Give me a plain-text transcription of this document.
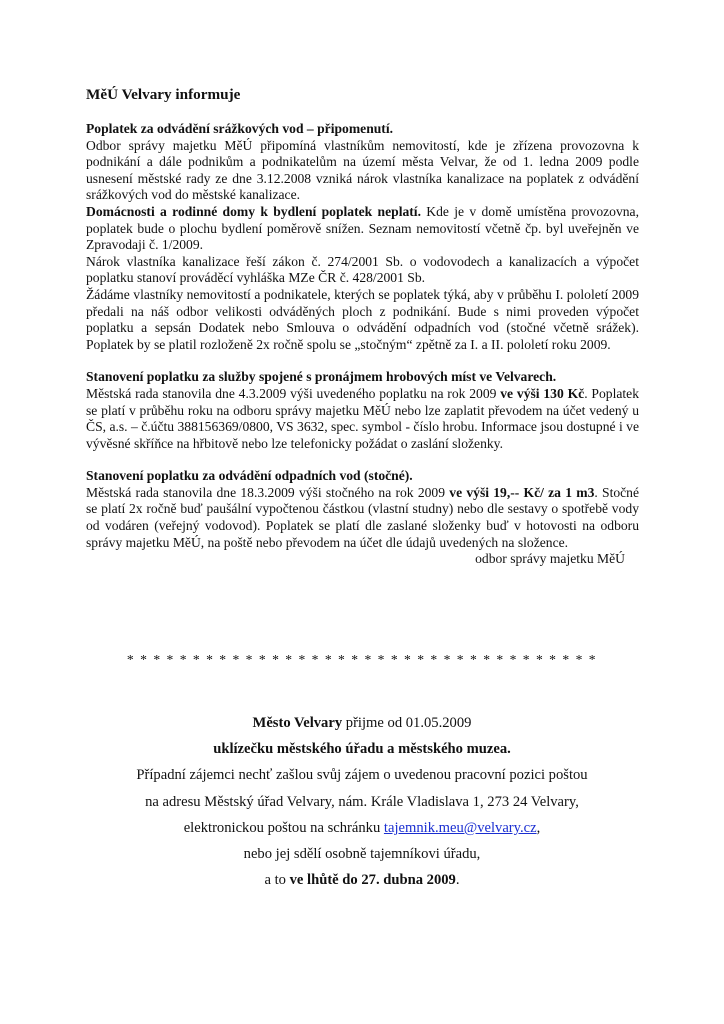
MěÚ Velvary informuje
Poplatek za odvádění srážkových vod – připomenutí.

Odbor správy majetku MěÚ připomíná vlastníkům nemovitostí, kde je zřízena provozovna k podnikání a dále podnikům a podnikatelům na území města Velvar, že od 1. ledna 2009 podle usnesení městské rady ze dne 3.12.2008 vzniká nárok vlastníka kanalizace na poplatek z odvádění srážkových vod do městské kanalizace.

Domácnosti a rodinné domy k bydlení poplatek neplatí. Kde je v domě umístěna provozovna, poplatek bude o plochu bydlení poměrově snížen. Seznam nemovitostí včetně čp. byl uveřejněn ve Zpravodaji č. 1/2009.

Nárok vlastníka kanalizace řeší zákon č. 274/2001 Sb. o vodovodech a kanalizacích a výpočet poplatku stanoví prováděcí vyhláška MZe ČR č. 428/2001 Sb.

Žádáme vlastníky nemovitostí a podnikatele, kterých se poplatek týká, aby v průběhu I. pololetí 2009 předali na náš odbor velikosti odváděných ploch z podnikání. Bude s nimi proveden výpočet poplatku a sepsán Dodatek nebo Smlouva o odvádění odpadních vod (stočné včetně srážek). Poplatek by se platil rozloženě 2x ročně spolu se „stočným“ zpětně za I. a II. pololetí roku 2009.

Stanovení poplatku za služby spojené s pronájmem hrobových míst ve Velvarech.

Městská rada stanovila dne 4.3.2009 výši uvedeného poplatku na rok 2009 ve výši 130 Kč. Poplatek se platí v průběhu roku na odboru správy majetku MěÚ nebo lze zaplatit převodem na účet vedený u ČS, a.s. – č.účtu 388156369/0800, VS 3632, spec. symbol - číslo hrobu. Informace jsou dostupné i ve vývěsné skříňce na hřbitově nebo lze telefonicky požádat o zaslání složenky.

Stanovení poplatku za odvádění odpadních vod (stočné).

Městská rada stanovila dne 18.3.2009 výši stočného na rok 2009 ve výši 19,-- Kč/ za 1 m3. Stočné se platí 2x ročně buď paušální vypočtenou částkou (vlastní studny) nebo dle sestavy o spotřebě vody od vodáren (veřejný vodovod). Poplatek se platí dle zaslané složenky buď v hotovosti na odboru správy majetku MěÚ, na poště nebo převodem na účet dle údajů uvedených na složence.

odbor správy majetku MěÚ

* * * * * * * * * * * * * * * * * * * * * * * * * * * * * * * * * * * *
Město Velvary přijme od 01.05.2009
uklízečku městského úřadu a městského muzea.
Případní zájemci nechť zašlou svůj zájem o uvedenou pracovní pozici poštou
na adresu Městský úřad Velvary, nám. Krále Vladislava 1, 273 24 Velvary,
elektronickou poštou na schránku tajemnik.meu@velvary.cz,
nebo jej sdělí osobně tajemníkovi úřadu,
a to ve lhůtě do 27. dubna 2009.
